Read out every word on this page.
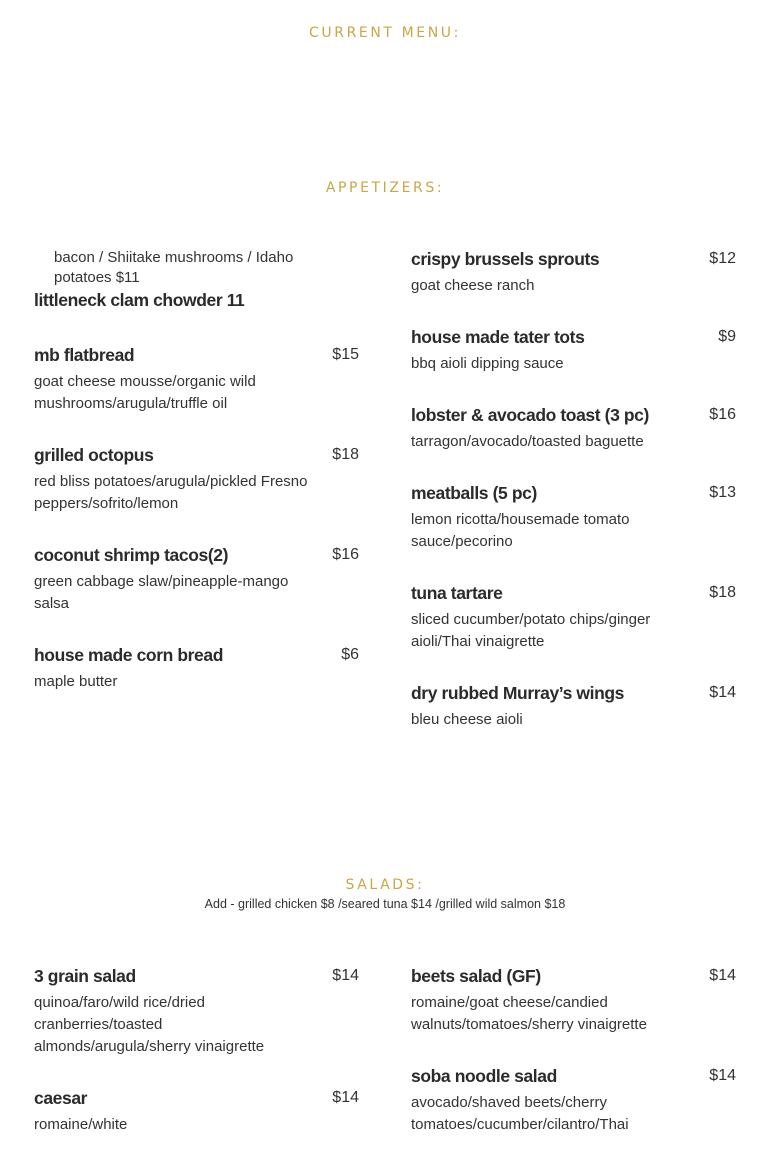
CURRENT MENU:
APPETIZERS:
bacon / Shiitake mushrooms / Idaho potatoes $11
littleneck clam chowder 11
mb flatbread	$15
goat cheese mousse/organic wild mushrooms/arugula/truffle oil
grilled octopus	$18
red bliss potatoes/arugula/pickled Fresno peppers/sofrito/lemon
coconut shrimp tacos(2)	$16
green cabbage slaw/pineapple-mango salsa
house made corn bread	$6
maple butter
crispy brussels sprouts	$12
goat cheese ranch
house made tater tots	$9
bbq aioli dipping sauce
lobster & avocado toast (3 pc)	$16
tarragon/avocado/toasted baguette
meatballs (5 pc)	$13
lemon ricotta/housemade tomato sauce/pecorino
tuna tartare	$18
sliced cucumber/potato chips/ginger aioli/Thai vinaigrette
dry rubbed Murray’s wings	$14
bleu cheese aioli
SALADS:
Add - grilled chicken $8 /seared tuna $14 /grilled wild salmon $18
3 grain salad	$14
quinoa/faro/wild rice/dried cranberries/toasted almonds/arugula/sherry vinaigrette
caesar	$14
romaine/white
beets salad (GF)	$14
romaine/goat cheese/candied walnuts/tomatoes/sherry vinaigrette
soba noodle salad	$14
avocado/shaved beets/cherry tomatoes/cucumber/cilantro/Thai
